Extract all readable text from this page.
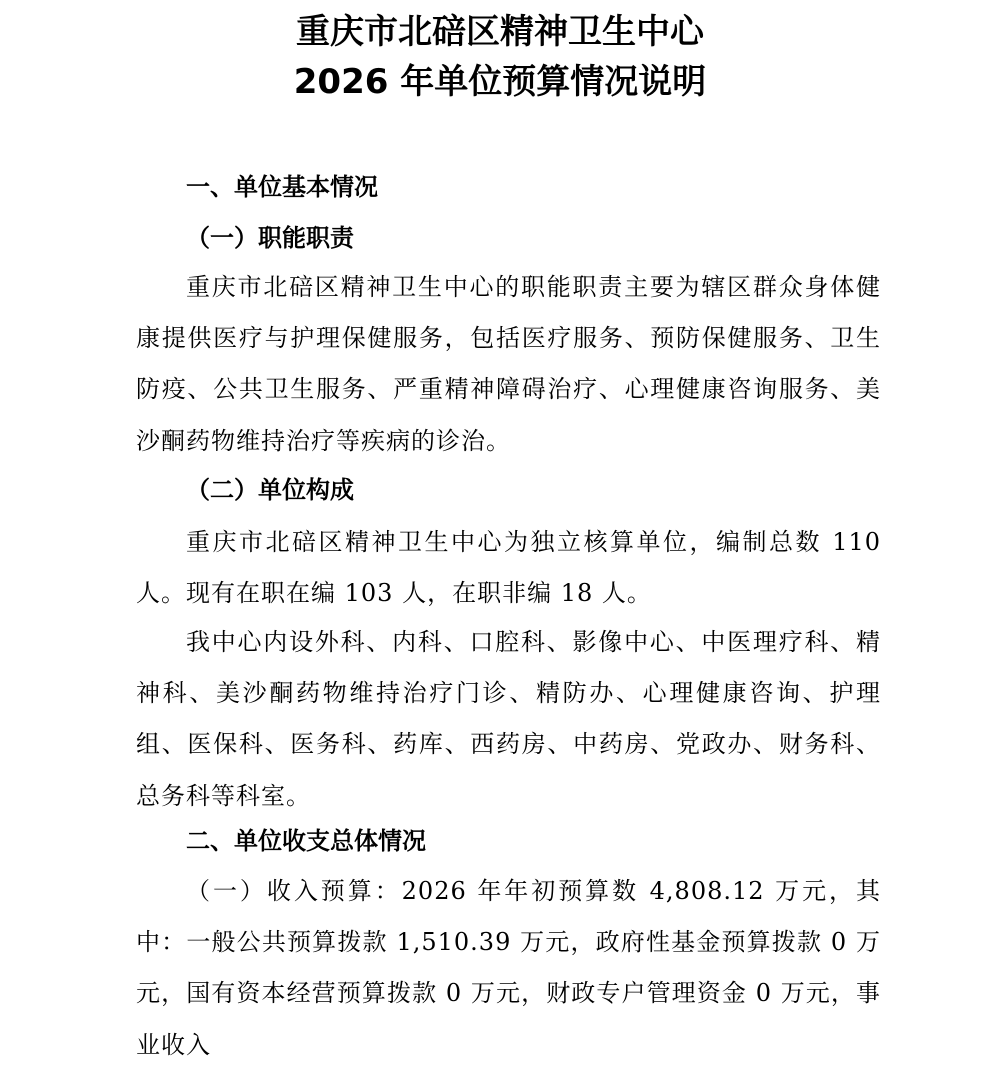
重庆市北碚区精神卫生中心
2026 年单位预算情况说明
一、单位基本情况
（一）职能职责

重庆市北碚区精神卫生中心的职能职责主要为辖区群众身体健康提供医疗与护理保健服务，包括医疗服务、预防保健服务、卫生防疫、公共卫生服务、严重精神障碍治疗、心理健康咨询服务、美沙酮药物维持治疗等疾病的诊治。

（二）单位构成

重庆市北碚区精神卫生中心为独立核算单位，编制总数 110 人。现有在职在编 103 人，在职非编 18 人。

我中心内设外科、内科、口腔科、影像中心、中医理疗科、精神科、美沙酮药物维持治疗门诊、精防办、心理健康咨询、护理组、医保科、医务科、药库、西药房、中药房、党政办、财务科、总务科等科室。

二、单位收支总体情况

（一）收入预算：2026 年年初预算数 4,808.12 万元，其中：一般公共预算拨款 1,510.39 万元，政府性基金预算拨款 0 万元，国有资本经营预算拨款 0 万元，财政专户管理资金 0 万元，事业收入
